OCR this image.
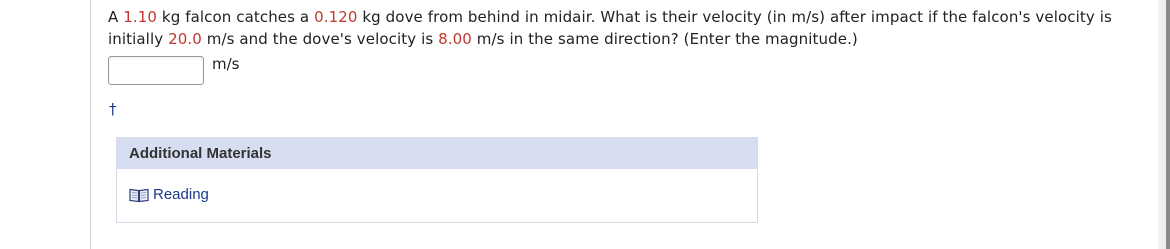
A 1.10 kg falcon catches a 0.120 kg dove from behind in midair. What is their velocity (in m/s) after impact if the falcon's velocity is initially 20.0 m/s and the dove's velocity is 8.00 m/s in the same direction? (Enter the magnitude.)
m/s
†
Additional Materials
Reading
